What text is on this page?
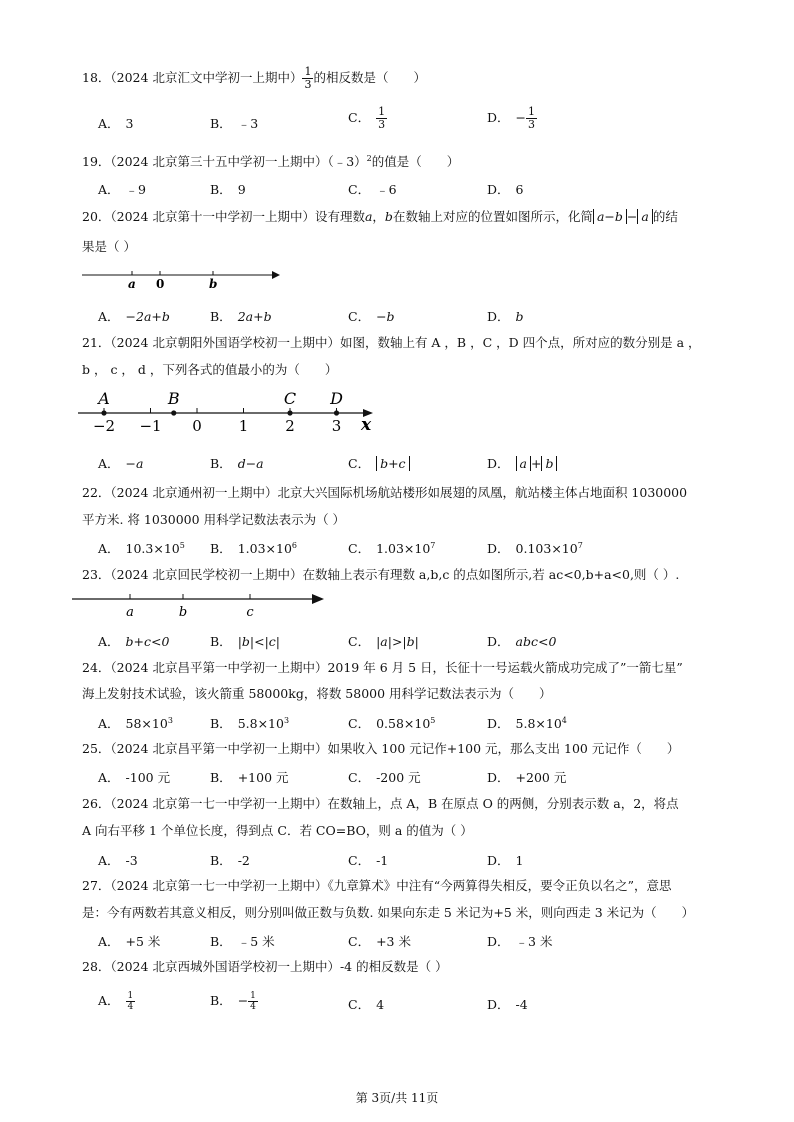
18．（2024 北京汇文中学初一上期中） $\frac{1}{3}$ 的相反数是（　　）
A． 3	B． ﹣3	C． $\frac{1}{3}$	D． − $\frac{1}{3}$
19．（2024 北京第三十五中学初一上期中）（﹣3）$^2$的值是（　　）
A． ﹣9	B． 9	C． ﹣6	D． 6
20．（2024 北京第十一中学初一上期中）设有理数a，b在数轴上对应的位置如图所示，化简 a−b − a 的结
果是（ ）
a 0	b
A． −2a+b	B． 2a+b	C． −b	D． b
21．（2024 北京朝阳外国语学校初一上期中）如图，数轴上有 A ，B ，C ，D 四个点，所对应的数分别是 a ，
b ， c ， d ，下列各式的值最小的为（　　）
−2 −1 0 1 2 3
A	B	C D
x
A． −a	B． d−a	C． b+c	D． a + b
22．（2024 北京通州初一上期中）北京大兴国际机场航站楼形如展翅的凤凰，航站楼主体占地面积 1030000
平方米. 将 1030000 用科学记数法表示为（ ）
A． $10.3\times 10^5$ B． $1.03\times 10^6$	C． $1.03\times 10^7$	D． $0.103\times 10^7$
23．（2024 北京回民学校初一上期中）在数轴上表示有理数 a,b,c 的点如图所示,若 ac<0,b+a<0,则（ ）.
a	b	c
A． b+c<0	B． |b|<|c|	C． |a|>|b|	D． abc<0
24．（2024 北京昌平第一中学初一上期中）2019 年 6 月 5 日，长征十一号运载火箭成功完成了”一箭七星”
海上发射技术试验，该火箭重 58000kg，将数 58000 用科学记数法表示为（　　）
A． $58\times 10^3$	B． $5.8\times 10^3$	C． $0.58\times 10^5$	D． $5.8\times 10^4$
25．（2024 北京昌平第一中学初一上期中）如果收入 100 元记作+100 元，那么支出 100 元记作（　　）
A． -100 元	B． +100 元	C． -200 元	D． +200 元
26．（2024 北京第一七一中学初一上期中）在数轴上，点 A，B 在原点 O 的两侧，分别表示数 a，2，将点
A 向右平移 1 个单位长度，得到点 C．若 CO=BO，则 a 的值为（ ）
A． -3	B． -2	C． -1	D． 1
27．（2024 北京第一七一中学初一上期中）《九章算术》中注有“今两算得失相反，要令正负以名之”，意思
是：今有两数若其意义相反，则分别叫做正数与负数. 如果向东走 5 米记为+5 米，则向西走 3 米记为（　　）
A． +5 米	B． ﹣5 米	C． +3 米	D． ﹣3 米
28．（2024 北京西城外国语学校初一上期中）-4 的相反数是（ ）
A． $\frac{1}{4}$	B． − $\frac{1}{4}$	C． 4	D． -4
第 3页/共 11页
